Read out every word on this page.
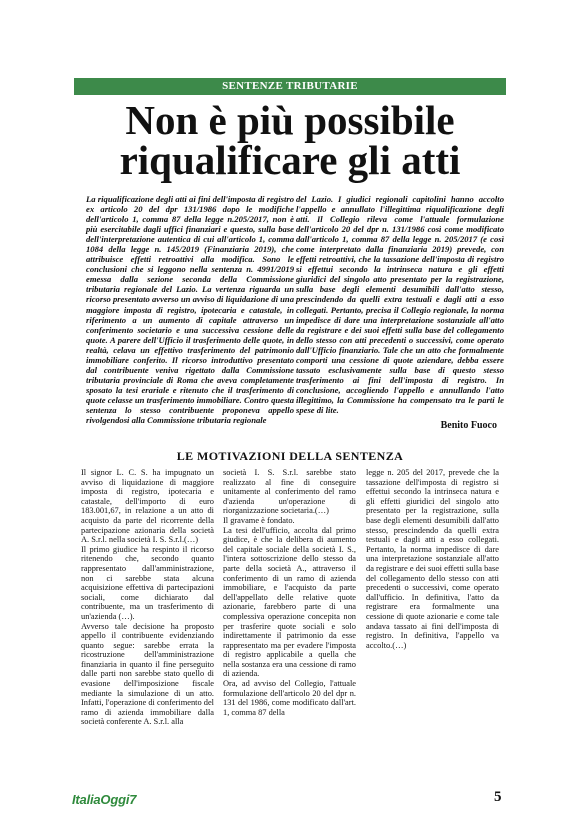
SENTENZE TRIBUTARIE
Non è più possibile
riqualificare gli atti
La riqualificazione degli atti ai fini dell'imposta di registro ex articolo 20 del dpr 131/1986 dopo le modifiche dell'articolo 1, comma 87 della legge n.205/2017, non è più esercitabile dagli uffici finanziari e questo, sulla base dell'interpretazione autentica di cui all'articolo 1, comma 1084 della legge n. 145/2019 (Finanziaria 2019), che attribuisce effetti retroattivi alla modifica. Sono le conclusioni che si leggono nella sentenza n. 4991/2019 emessa dalla sezione seconda della Commissione tributaria regionale del Lazio. La vertenza riguarda un ricorso presentato avverso un avviso di liquidazione di una maggiore imposta di registro, ipotecaria e catastale, in riferimento a un aumento di capitale attraverso un conferimento societario e una successiva cessione delle quote. A parere dell'Ufficio il trasferimento delle quote, in realtà, celava un effettivo trasferimento del patrimonio immobiliare conferito. Il ricorso introduttivo presentato dal contribuente veniva rigettato dalla Commissione tributaria provinciale di Roma che aveva completamente sposato la tesi erariale e ritenuto che il trasferimento di quote celasse un trasferimento immobiliare. Contro questa sentenza lo stesso contribuente proponeva appello rivolgendosi alla Commissione tributaria regionale
del Lazio. I giudici regionali capitolini hanno accolto l'appello e annullato l'illegittima riqualificazione degli atti. Il Collegio rileva come l'attuale formulazione dell'articolo 20 del dpr n. 131/1986 così come modificato dall'articolo 1, comma 87 della legge n. 205/2017 (e così come interpretato dalla finanziaria 2019) prevede, con effetti retroattivi, che la tassazione dell'imposta di registro si effettui secondo la intrinseca natura e gli effetti giuridici del singolo atto presentato per la registrazione, sulla base degli elementi desumibili dall'atto stesso, prescindendo da quelli extra testuali e dagli atti a esso collegati. Pertanto, precisa il Collegio regionale, la norma impedisce di dare una interpretazione sostanziale all'atto da registrare e dei suoi effetti sulla base del collegamento dello stesso con atti precedenti o successivi, come operato dall'Ufficio finanziario. Tale che un atto che formalmente comporti una cessione di quote aziendare, debba essere tassato esclusivamente sulla base di questo stesso trasferimento ai fini dell'imposta di registro. In conclusione, accogliendo l'appello e annullando l'atto illegittimo, la Commissione ha compensato tra le parti le spese di lite.
Benito Fuoco
LE MOTIVAZIONI DELLA SENTENZA

Il signor L. C. S. ha impugnato un avviso di liquidazione di maggiore imposta di registro, ipotecaria e catastale, dell'importo di euro 183.001,67, in relazione a un atto di acquisto da parte del ricorrente della partecipazione azionaria della società A. S.r.l. nella società I. S. S.r.l.(…)

Il primo giudice ha respinto il ricorso ritenendo che, secondo quanto rappresentato dall'amministrazione, non ci sarebbe stata alcuna acquisizione effettiva di partecipazioni sociali, come dichiarato dal contribuente, ma un trasferimento di un'azienda (…).

Avverso tale decisione ha proposto appello il contribuente evidenziando quanto segue: sarebbe errata la ricostruzione dell'amministrazione finanziaria in quanto il fine perseguito dalle parti non sarebbe stato quello di evasione dell'imposizione fiscale mediante la simulazione di un atto. Infatti, l'operazione di conferimento del ramo di azienda immobiliare dalla società conferente A. S.r.l. alla

società I. S. S.r.l. sarebbe stato realizzato al fine di conseguire unitamente al conferimento del ramo d'azienda un'operazione di riorganizzazione societaria.(…)

Il gravame è fondato.

La tesi dell'ufficio, accolta dal primo giudice, è che la delibera di aumento del capitale sociale della società I. S., l'intera sottoscrizione dello stesso da parte della società A., attraverso il conferimento di un ramo di azienda immobiliare, e l'acquisto da parte dell'appellato delle relative quote azionarie, farebbero parte di una complessiva operazione concepita non per trasferire quote sociali e solo indirettamente il patrimonio da esse rappresentato ma per evadere l'imposta di registro applicabile a quella che nella sostanza era una cessione di ramo di azienda.

Ora, ad avviso del Collegio, l'attuale formulazione dell'articolo 20 del dpr n. 131 del 1986, come modificato dall'art. 1, comma 87 della

legge n. 205 del 2017, prevede che la tassazione dell'imposta di registro si effettui secondo la intrinseca natura e gli effetti giuridici del singolo atto presentato per la registrazione, sulla base degli elementi desumibili dall'atto stesso, prescindendo da quelli extra testuali e dagli atti a esso collegati. Pertanto, la norma impedisce di dare una interpretazione sostanziale all'atto da registrare e dei suoi effetti sulla base del collegamento dello stesso con atti precedenti o successivi, come operato dall'ufficio. In definitiva, l'atto da registrare era formalmente una cessione di quote azionarie e come tale andava tassato ai fini dell'imposta di registro. In definitiva, l'appello va accolto.(…)

ItaliaOggi7	5
